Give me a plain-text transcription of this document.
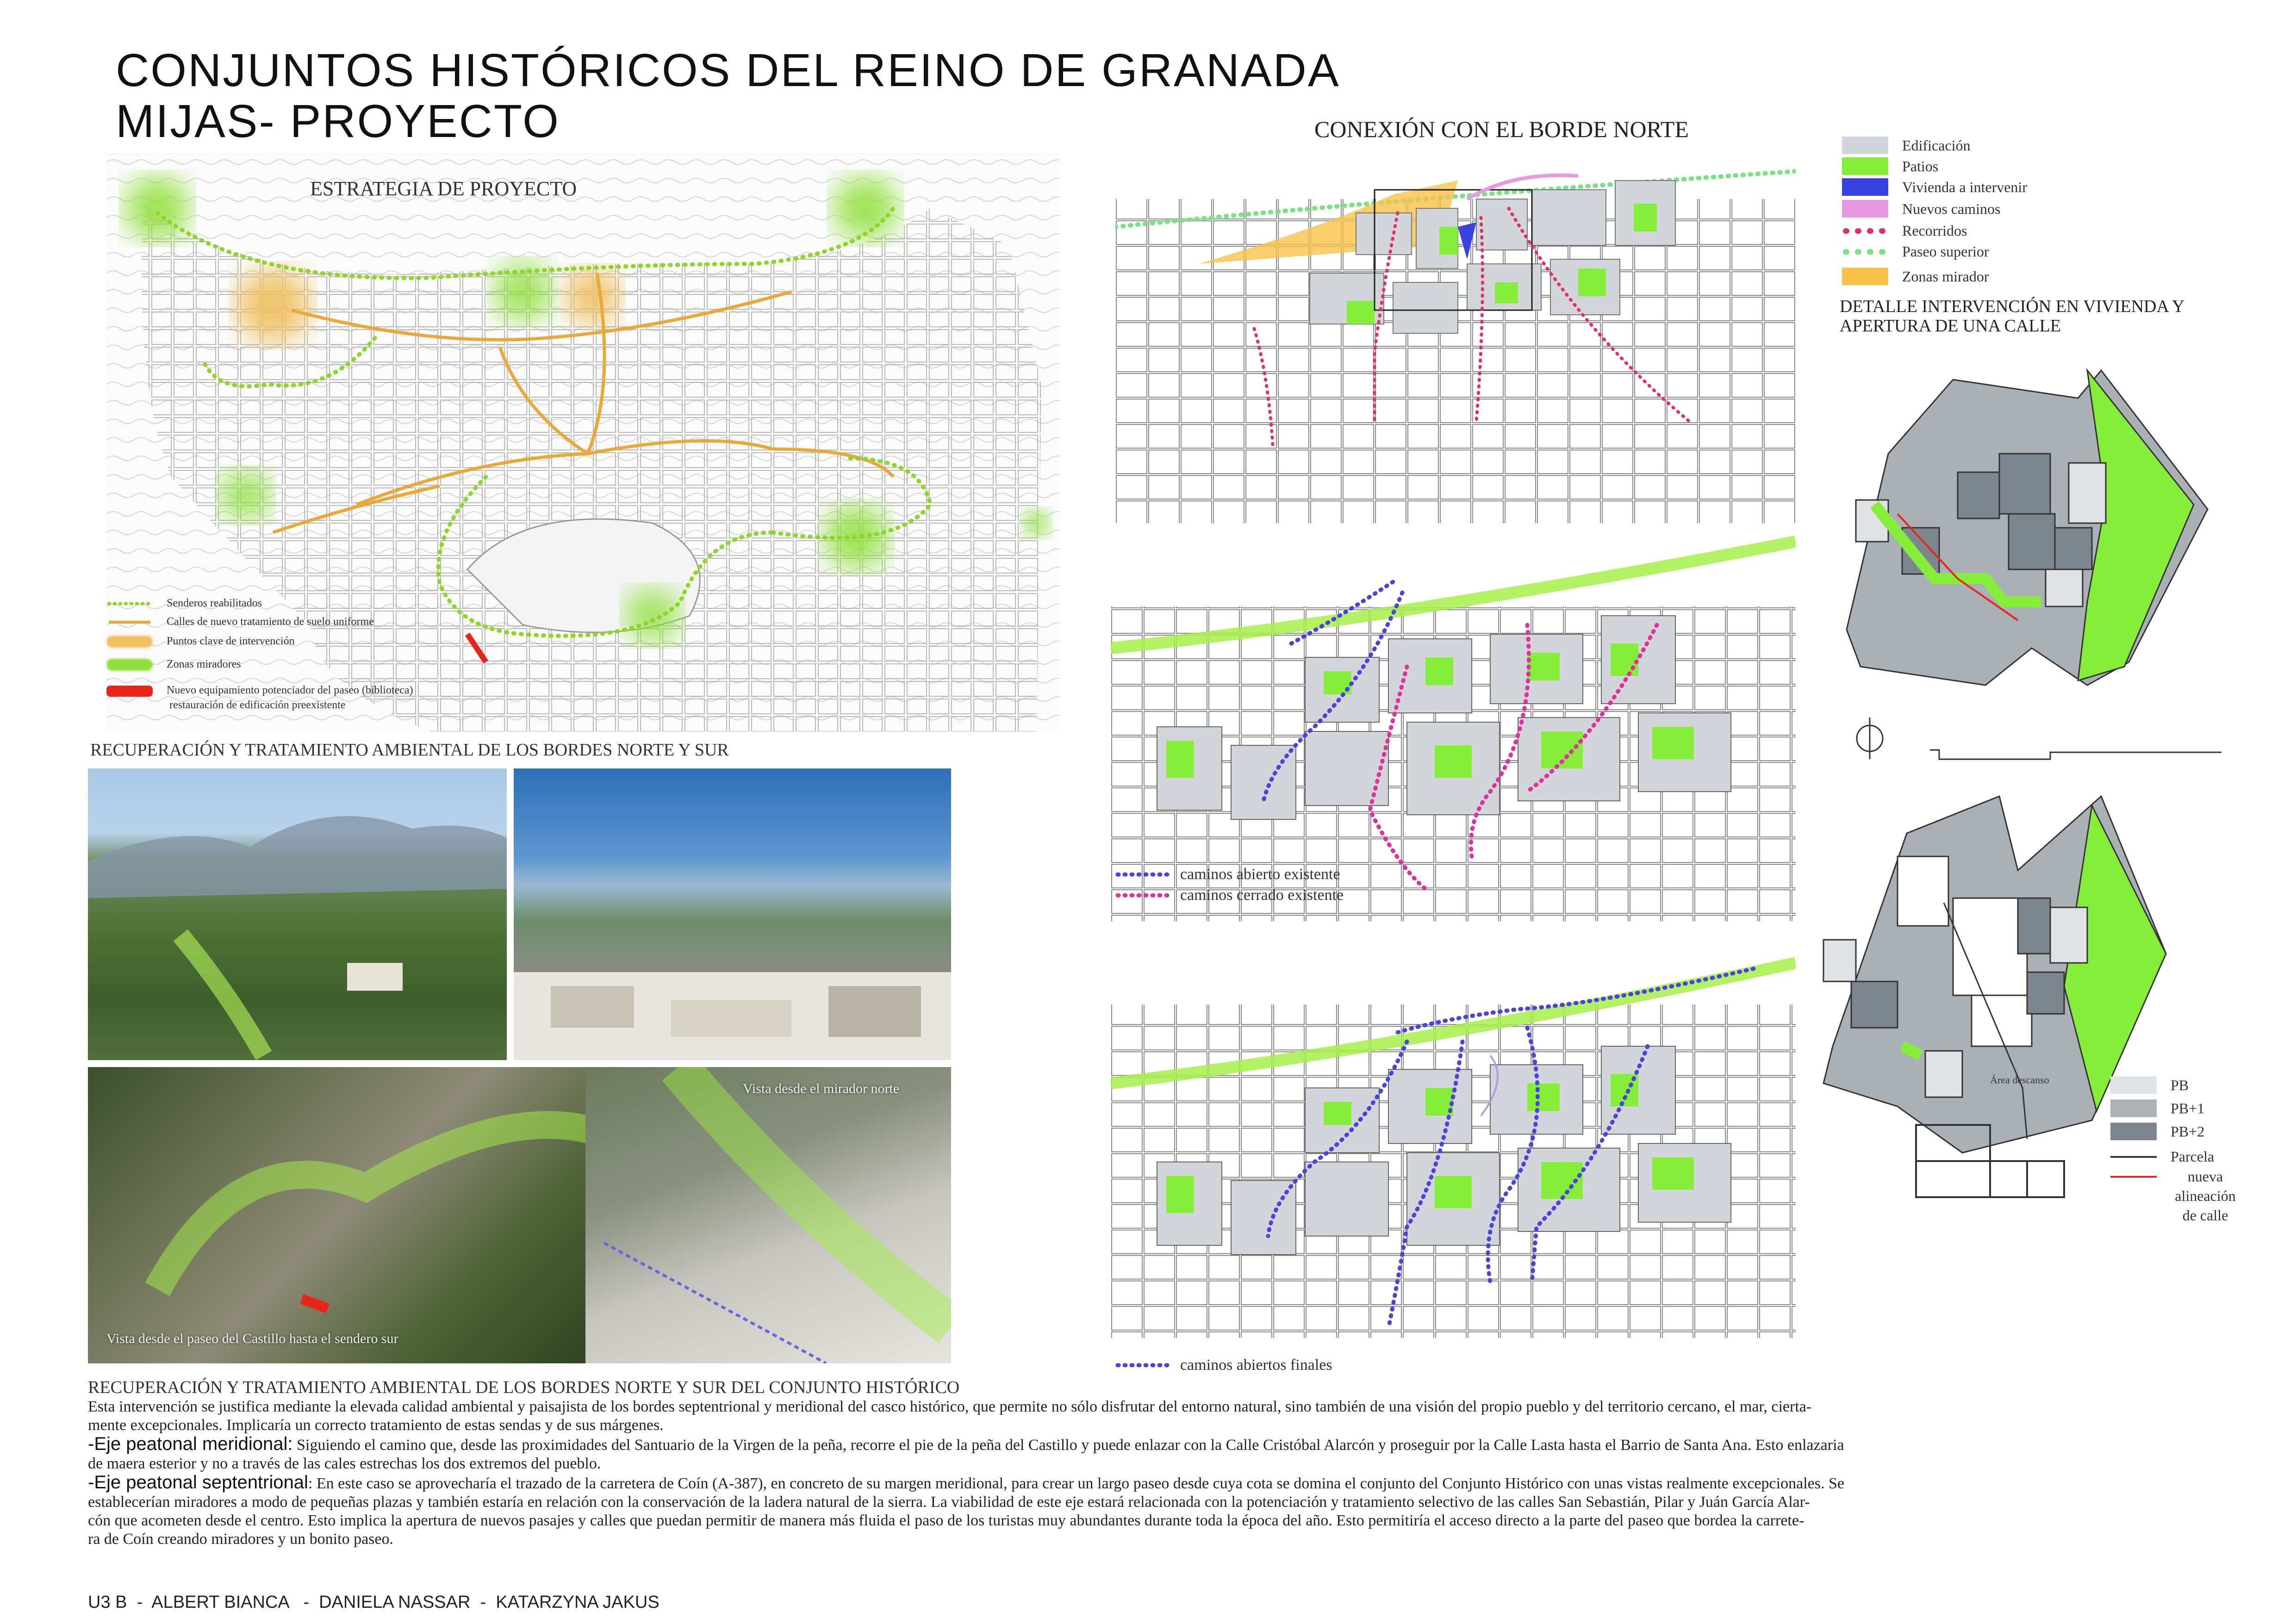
CONJUNTOS HISTÓRICOS DEL REINO DE GRANADA
MIJAS- PROYECTO
ESTRATEGIA DE PROYECTO
Senderos reabilitados
Calles de nuevo tratamiento de suelo uniforme
Puntos clave de intervención
Zonas miradores
Nuevo equipamiento potenciador del paseo (biblioteca)
restauración de edificación preexistente
RECUPERACIÓN Y TRATAMIENTO AMBIENTAL DE LOS BORDES NORTE Y SUR
Vista desde el paseo del Castillo hasta el sendero sur
Vista desde el mirador norte
CONEXIÓN CON EL BORDE NORTE
caminos abierto existente
caminos cerrado existente
caminos abiertos finales
Edificación
Patios
Vivienda a intervenir
Nuevos caminos
Recorridos
Paseo superior
Zonas mirador
DETALLE INTERVENCIÓN EN VIVIENDA Y
APERTURA DE UNA CALLE
Área descanso	PB
PB+1
PB+2
Parcela
nueva alineación de calle
RECUPERACIÓN Y TRATAMIENTO AMBIENTAL DE LOS BORDES NORTE Y SUR DEL CONJUNTO HISTÓRICO

Esta intervención se justifica mediante la elevada calidad ambiental y paisajista de los bordes septentrional y meridional del casco histórico, que permite no sólo disfrutar del entorno natural, sino también de una visión del propio pueblo y del territorio cercano, el mar, cierta-

mente excepcionales. Implicaría un correcto tratamiento de estas sendas y de sus márgenes.

-Eje peatonal meridional: Siguiendo el camino que, desde las proximidades del Santuario de la Virgen de la peña, recorre el pie de la peña del Castillo y puede enlazar con la Calle Cristóbal Alarcón y proseguir por la Calle Lasta hasta el Barrio de Santa Ana. Esto enlazaria

de maera esterior y no a través de las cales estrechas los dos extremos del pueblo.

-Eje peatonal septentrional: En este caso se aprovecharía el trazado de la carretera de Coín (A-387), en concreto de su margen meridional, para crear un largo paseo desde cuya cota se domina el conjunto del Conjunto Histórico con unas vistas realmente excepcionales. Se

establecerían miradores a modo de pequeñas plazas y también estaría en relación con la conservación de la ladera natural de la sierra. La viabilidad de este eje estará relacionada con la potenciación y tratamiento selectivo de las calles San Sebastián, Pilar y Juán García Alar-

cón que acometen desde el centro. Esto implica la apertura de nuevos pasajes y calles que puedan permitir de manera más fluida el paso de los turistas muy abundantes durante toda la época del año. Esto permitiría el acceso directo a la parte del paseo que bordea la carrete-

ra de Coín creando miradores y un bonito paseo.

U3 B  -  ALBERT BIANCA   -  DANIELA NASSAR  -  KATARZYNA JAKUS
